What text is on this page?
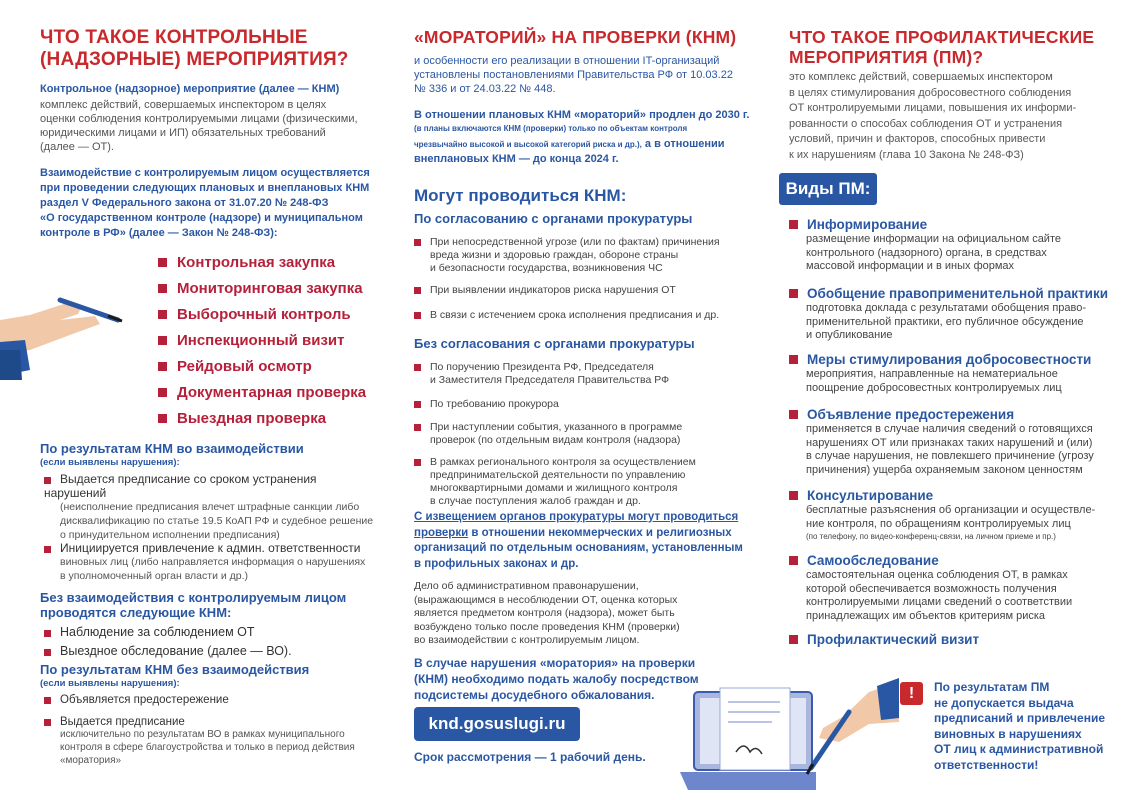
ЧТО ТАКОЕ КОНТРОЛЬНЫЕ
(НАДЗОРНЫЕ) МЕРОПРИЯТИЯ?
Контрольное (надзорное) мероприятие (далее — КНМ)
комплекс действий, совершаемых инспектором в целях
оценки соблюдения контролируемыми лицами (физическими,
юридическими лицами и ИП) обязательных требований
(далее — ОТ).
Взаимодействие с контролируемым лицом осуществляется
при проведении следующих плановых и внеплановых КНМ
раздел V Федерального закона от 31.07.20 № 248-ФЗ
«О государственном контроле (надзоре) и муниципальном
контроле в РФ» (далее — Закон № 248-ФЗ):
Контрольная закупка
Мониторинговая закупка
Выборочный контроль
Инспекционный визит
Рейдовый осмотр
Документарная проверка
Выездная проверка
По результатам КНМ во взаимодействии
(если выявлены нарушения):
Выдается предписание со сроком устранения нарушений
(неисполнение предписания влечет штрафные санкции либо
дисквалификацию по статье 19.5 КоАП РФ и судебное решение
о принудительном исполнении предписания)
Инициируется привлечение к админ. ответственности
виновных лиц (либо направляется информация о нарушениях
в уполномоченный орган власти и др.)
Без взаимодействия с контролируемым лицом
проводятся следующие КНМ:
Наблюдение за соблюдением ОТ
Выездное обследование (далее — ВО).
По результатам КНМ без взаимодействия
(если выявлены нарушения):
Объявляется предостережение
Выдается предписание
исключительно по результатам ВО в рамках муниципального
контроля в сфере благоустройства и только в период действия
«моратория»
«МОРАТОРИЙ» НА ПРОВЕРКИ (КНМ)
и особенности его реализации в отношении IT-организаций
установлены постановлениями Правительства РФ от 10.03.22
№ 336 и от 24.03.22 № 448.
В отношении плановых КНМ «мораторий» продлен до 2030 г.
(в планы включаются КНМ (проверки) только по объектам контроля
чрезвычайно высокой и высокой категорий риска и др.), а в отношении
внеплановых КНМ — до конца 2024 г.
Могут проводиться КНМ:
По согласованию с органами прокуратуры
При непосредственной угрозе (или по фактам) причинения
вреда жизни и здоровью граждан, обороне страны
и безопасности государства, возникновения ЧС
При выявлении индикаторов риска нарушения ОТ
В связи с истечением срока исполнения предписания и др.
Без согласования с органами прокуратуры
По поручению Президента РФ, Председателя
и Заместителя Председателя Правительства РФ
По требованию прокурора
При наступлении события, указанного в программе
проверок (по отдельным видам контроля (надзора)
В рамках регионального контроля за осуществлением
предпринимательской деятельности по управлению
многоквартирными домами и жилищного контроля
в случае поступления жалоб граждан и др.
С извещением органов прокуратуры могут проводиться
проверки в отношении некоммерческих и религиозных
организаций по отдельным основаниям, установленным
в профильных законах и др.
Дело об административном правонарушении,
(выражающимся в несоблюдении ОТ, оценка которых
является предметом контроля (надзора), может быть
возбуждено только после проведения КНМ (проверки)
во взаимодействии с контролируемым лицом.
В случае нарушения «моратория» на проверки
(КНМ) необходимо подать жалобу посредством
подсистемы досудебного обжалования.
knd.gosuslugi.ru
Срок рассмотрения — 1 рабочий день.
ЧТО ТАКОЕ ПРОФИЛАКТИЧЕСКИЕ
МЕРОПРИЯТИЯ (ПМ)?
это комплекс действий, совершаемых инспектором
в целях стимулирования добросовестного соблюдения
ОТ контролируемыми лицами, повышения их информи-
рованности о способах соблюдения ОТ и устранения
условий, причин и факторов, способных привести
к их нарушениям (глава 10 Закона № 248-ФЗ)
Виды ПМ:
Информирование
размещение информации на официальном сайте
контрольного (надзорного) органа, в средствах
массовой информации и в иных формах
Обобщение правоприменительной практики
подготовка доклада с результатами обобщения право-
применительной практики, его публичное обсуждение
и опубликование
Меры стимулирования добросовестности
мероприятия, направленные на нематериальное
поощрение добросовестных контролируемых лиц
Объявление предостережения
применяется в случае наличия сведений о готовящихся
нарушениях ОТ или признаках таких нарушений и (или)
в случае нарушения, не повлекшего причинение (угрозу
причинения) ущерба охраняемым законом ценностям
Консультирование
бесплатные разъяснения об организации и осуществле-
ние контроля, по обращениям контролируемых лиц
(по телефону, по видео-конференц-связи, на личном приеме и пр.)
Самообследование
самостоятельная оценка соблюдения ОТ, в рамках
которой обеспечивается возможность получения
контролируемыми лицами сведений о соответствии
принадлежащих им объектов критериям риска
Профилактический визит
!	По результатам ПМ
не допускается выдача
предписаний и привлечение
виновных в нарушениях
ОТ лиц к административной
ответственности!
